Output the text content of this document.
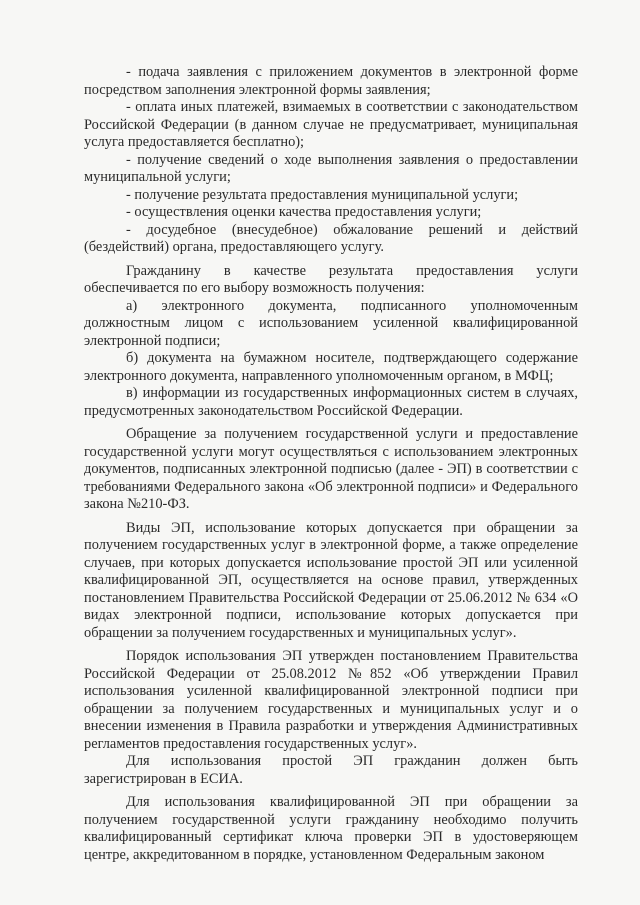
- подача заявления с приложением документов в электронной форме посредством заполнения электронной формы заявления;

- оплата иных платежей, взимаемых в соответствии с законодательством Российской Федерации (в данном случае не предусматривает, муниципальная услуга предоставляется бесплатно);

- получение сведений о ходе выполнения заявления о предоставлении муниципальной услуги;

- получение результата предоставления муниципальной услуги;

- осуществления оценки качества предоставления услуги;

- досудебное (внесудебное) обжалование решений и действий (бездействий) органа, предоставляющего услугу.

Гражданину в качестве результата предоставления услуги обеспечивается по его выбору возможность получения:

а) электронного документа, подписанного уполномоченным должностным лицом с использованием усиленной квалифицированной электронной подписи;

б) документа на бумажном носителе, подтверждающего содержание электронного документа, направленного уполномоченным органом, в МФЦ;

в) информации из государственных информационных систем в случаях, предусмотренных законодательством Российской Федерации.

Обращение за получением государственной услуги и предоставление государственной услуги могут осуществляться с использованием электронных документов, подписанных электронной подписью (далее - ЭП) в соответствии с требованиями Федерального закона «Об электронной подписи» и Федерального закона №210-ФЗ.

Виды ЭП, использование которых допускается при обращении за получением государственных услуг в электронной форме, а также определение случаев, при которых допускается использование простой ЭП или усиленной квалифицированной ЭП, осуществляется на основе правил, утвержденных постановлением Правительства Российской Федерации от 25.06.2012 № 634 «О видах электронной подписи, использование которых допускается при обращении за получением государственных и муниципальных услуг».

Порядок использования ЭП утвержден постановлением Правительства Российской Федерации от 25.08.2012 №852 «Об утверждении Правил использования усиленной квалифицированной электронной подписи при обращении за получением государственных и муниципальных услуг и о внесении изменения в Правила разработки и утверждения Административных регламентов предоставления государственных услуг».

Для использования простой ЭП гражданин должен быть зарегистрирован в ЕСИА.

Для использования квалифицированной ЭП при обращении за получением государственной услуги гражданину необходимо получить квалифицированный сертификат ключа проверки ЭП в удостоверяющем центре, аккредитованном в порядке, установленном Федеральным законом
